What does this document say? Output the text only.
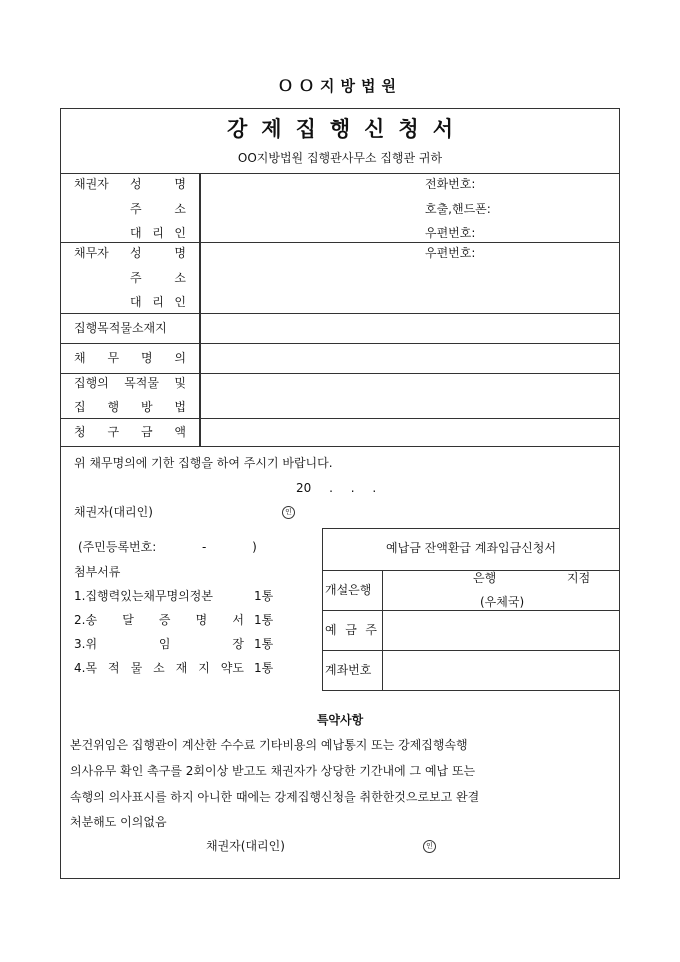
ＯＯ지방법원
강제집행신청서
OO지방법원 집행관사무소 집행관 귀하
채권자 성 명
주 소
대 리 인
전화번호:
호출,핸드폰:
우편번호:
채무자 성 명
주 소
대 리 인
우편번호:
집행목적물소재지
채 무 명 의
집행의 목적물 및
집 행 방 법
청 구 금 액
위 채무명의에 기한 집행을 하여 주시기 바랍니다.
20 . . .
채권자(대리인)	인
(주민등록번호:            -            )
첨부서류
1.집행력있는채무명의정본	1통
2.송 달 증 명 서 1통
3.위 임 장 1통
4.목 적 물 소 재 지 약도 1통
예납금 잔액환급 계좌입금신청서
개설은행
은행	지점
(우체국)
예 금 주
계좌번호
특약사항
본건위임은 집행관이 계산한 수수료 기타비용의 예납통지 또는 강제집행속행
의사유무 확인 촉구를 2회이상 받고도 채권자가 상당한 기간내에 그 예납 또는
속행의 의사표시를 하지 아니한 때에는 강제집행신청을 취한한것으로보고 완결
처분해도 이의없음
채권자(대리인)	인
